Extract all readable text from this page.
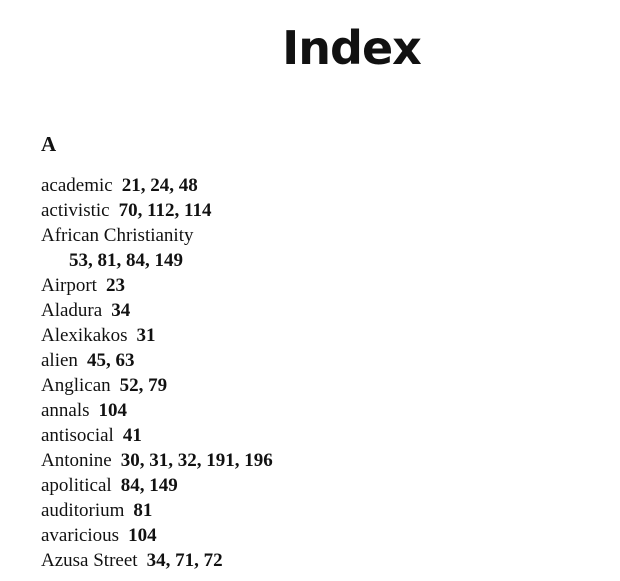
Index
A
academic 21, 24, 48
activistic 70, 112, 114
African Christianity
53, 81, 84, 149
Airport 23
Aladura 34
Alexikakos 31
alien 45, 63
Anglican 52, 79
annals 104
antisocial 41
Antonine 30, 31, 32, 191, 196
apolitical 84, 149
auditorium 81
avaricious 104
Azusa Street 34, 71, 72
